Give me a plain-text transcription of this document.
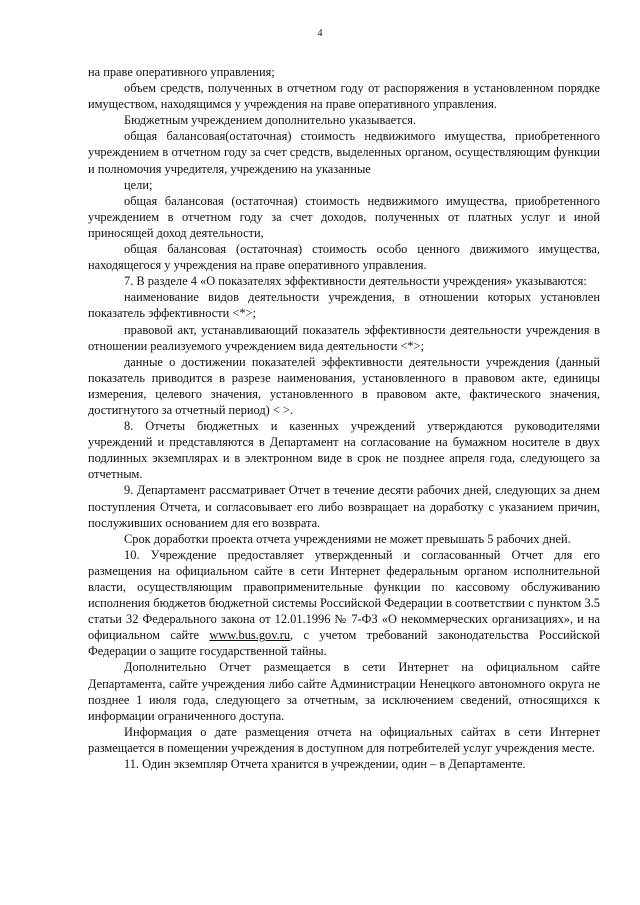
4

на праве оперативного управления;

объем средств, полученных в отчетном году от распоряжения в установленном порядке имуществом, находящимся у учреждения на праве оперативного управления.

Бюджетным учреждением дополнительно указывается.

общая балансовая(остаточная) стоимость недвижимого имущества, приобретенного учреждением в отчетном году за счет средств, выделенных органом, осуществляющим функции и полномочия учредителя, учреждению на указанные

цели;

общая балансовая (остаточная) стоимость недвижимого имущества, приобретенного учреждением в отчетном году за счет доходов, полученных от платных услуг и иной приносящей доход деятельности,

общая балансовая (остаточная) стоимость особо ценного движимого имущества, находящегося у учреждения на праве оперативного управления.

7. В разделе 4 «О показателях эффективности деятельности учреждения» указываются:

наименование видов деятельности учреждения, в отношении которых установлен показатель эффективности <*>;

правовой акт, устанавливающий показатель эффективности деятельности учреждения в отношении реализуемого учреждением вида деятельности <*>;

данные о достижении показателей эффективности деятельности учреждения (данный показатель приводится в разрезе наименования, установленного в правовом акте, единицы измерения, целевого значения, установленного в правовом акте, фактического значения, достигнутого за отчетный период) < >.

8. Отчеты бюджетных и казенных учреждений утверждаются руководителями учреждений и представляются в Департамент на согласование на бумажном носителе в двух подлинных экземплярах и в электронном виде в срок не позднее апреля года, следующего за отчетным.

9. Департамент рассматривает Отчет в течение десяти рабочих дней, следующих за днем поступления Отчета, и согласовывает его либо возвращает на доработку с указанием причин, послуживших основанием для его возврата.

Срок доработки проекта отчета учреждениями не может превышать 5 рабочих дней.

10. Учреждение предоставляет утвержденный и согласованный Отчет для его размещения на официальном сайте в сети Интернет федеральным органом исполнительной власти, осуществляющим правоприменительные функции по кассовому обслуживанию исполнения бюджетов бюджетной системы Российской Федерации в соответствии с пунктом 3.5 статьи 32 Федерального закона от 12.01.1996 № 7-ФЗ «О некоммерческих организациях», и на официальном сайте www.bus.gov.ru, с учетом требований законодательства Российской Федерации о защите государственной тайны.

Дополнительно Отчет размещается в сети Интернет на официальном сайте Департамента, сайте учреждения либо сайте Администрации Ненецкого автономного округа не позднее 1 июля года, следующего за отчетным, за исключением сведений, относящихся к информации ограниченного доступа.

Информация о дате размещения отчета на официальных сайтах в сети Интернет размещается в помещении учреждения в доступном для потребителей услуг учреждения месте.

11. Один экземпляр Отчета хранится в учреждении, один – в Департаменте.
